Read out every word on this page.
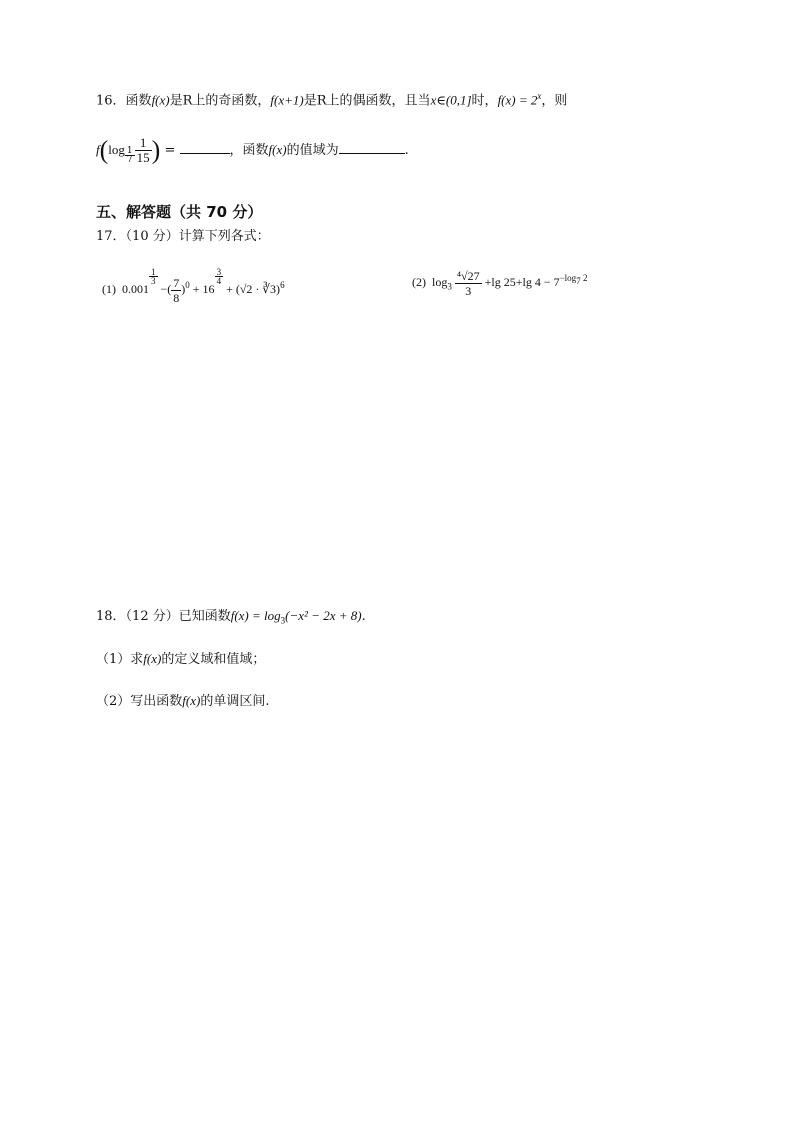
16．函数f(x)是R上的奇函数，f(x+1)是R上的偶函数，且当x∈(0,1]时，$f(x) = 2^x$，则
$f(\log \frac{1}{7} \frac{1}{15}$ ) =	，函数f(x)的值域为	.
五、解答题（共 70 分）
17．（10 分）计算下列各式：
(1) 0.001
$\frac{1}{3}$
−( $\frac{7}{8} )^0 + 16$
$\frac{3}{4}$
+ (√2 · ∛3)$^6$	(2) $\log_3 \frac{\text{⁴√27}}{3} +\lg$ 25+lg $4 - 7^{-log_7 2}$
18．（12 分）已知函数$f(x) = \log_3(-x^2 - 2x + 8)$.
（1）求f(x)的定义域和值域；
（2）写出函数f(x)的单调区间.
